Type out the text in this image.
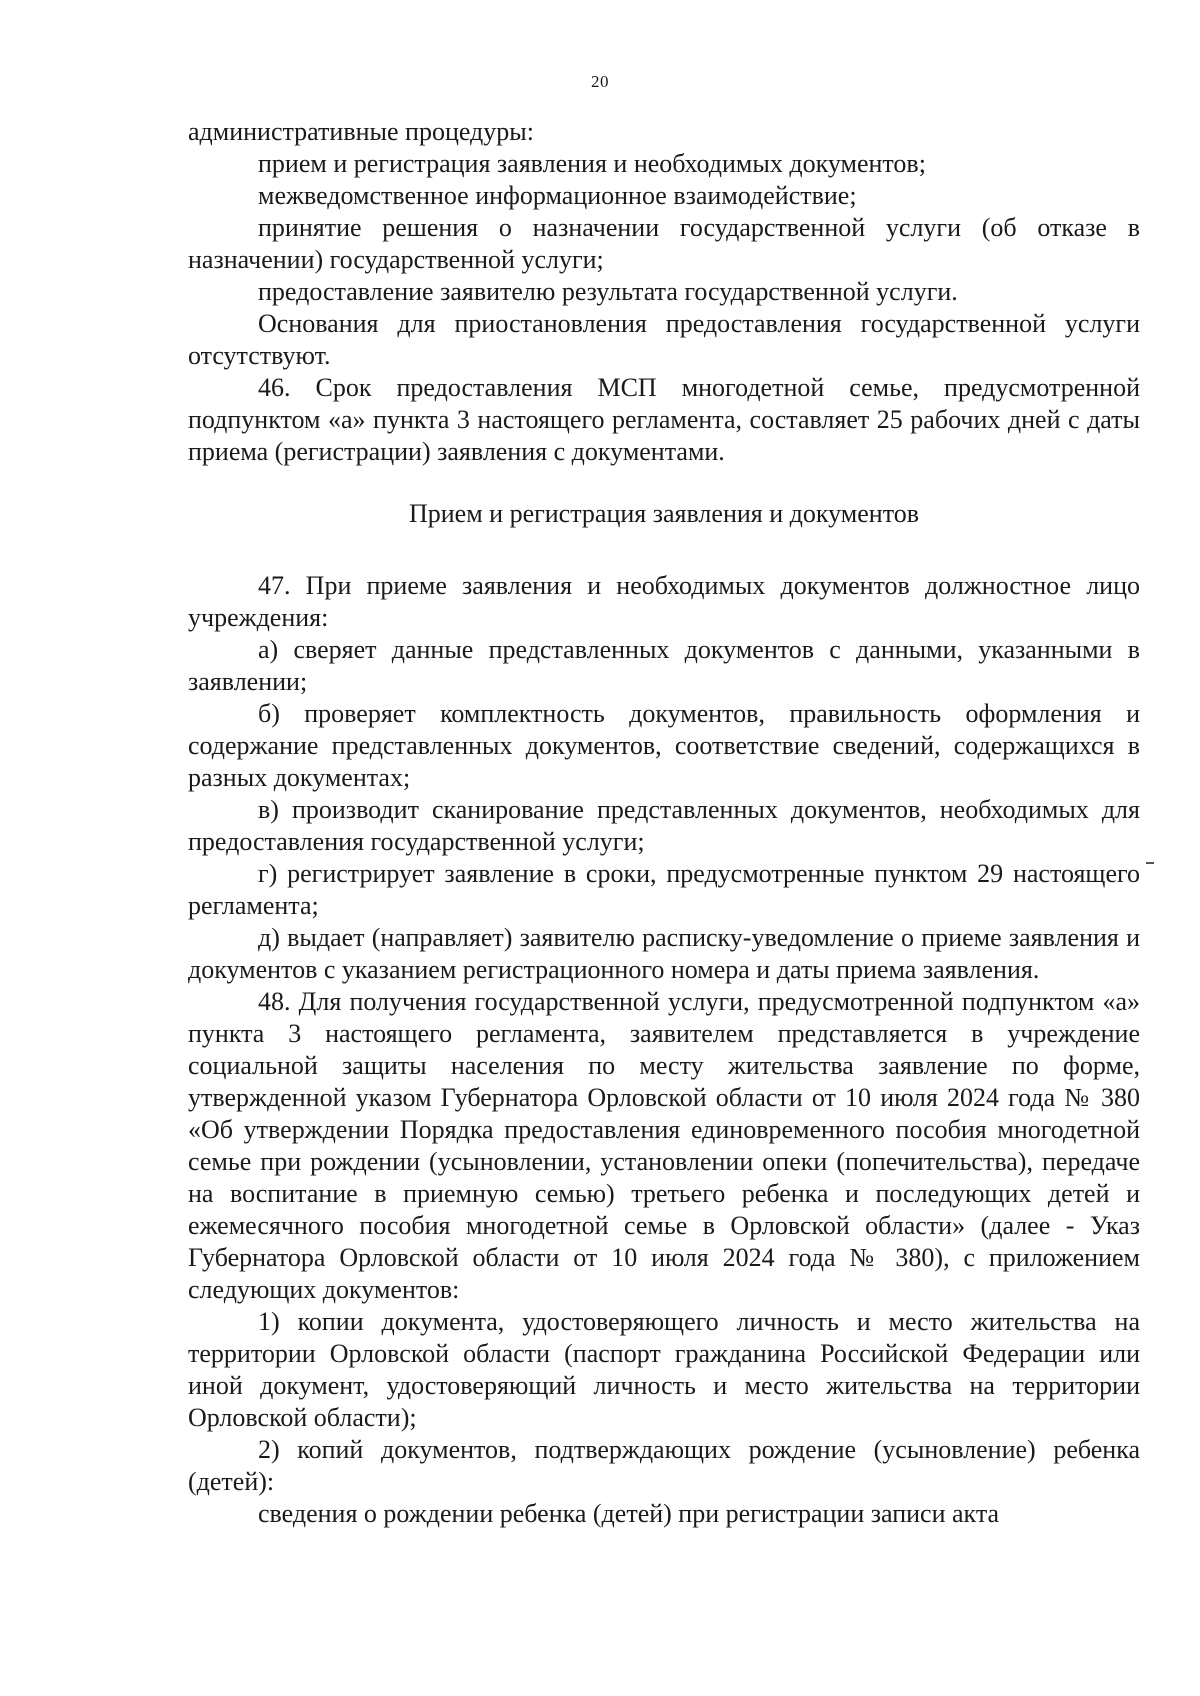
20

административные процедуры:

прием и регистрация заявления и необходимых документов;

межведомственное информационное взаимодействие;

принятие решения о назначении государственной услуги (об отказе в назначении) государственной услуги;

предоставление заявителю результата государственной услуги.

Основания для приостановления предоставления государственной услуги отсутствуют.

46. Срок предоставления МСП многодетной семье, предусмотренной подпунктом «а» пункта 3 настоящего регламента, составляет 25 рабочих дней с даты приема (регистрации) заявления с документами.

Прием и регистрация заявления и документов

47. При приеме заявления и необходимых документов должностное лицо учреждения:

а) сверяет данные представленных документов с данными, указанными в заявлении;

б) проверяет комплектность документов, правильность оформления и содержание представленных документов, соответствие сведений, содержащихся в разных документах;

в) производит сканирование представленных документов, необходимых для предоставления государственной услуги;

г) регистрирует заявление в сроки, предусмотренные пунктом 29 настоящего регламента;

д) выдает (направляет) заявителю расписку-уведомление о приеме заявления и документов с указанием регистрационного номера и даты приема заявления.

48. Для получения государственной услуги, предусмотренной подпунктом «а» пункта 3 настоящего регламента, заявителем представляется в учреждение социальной защиты населения по месту жительства заявление по форме, утвержденной указом Губернатора Орловской области от 10 июля 2024 года № 380 «Об утверждении Порядка предоставления единовременного пособия многодетной семье при рождении (усыновлении, установлении опеки (попечительства), передаче на воспитание в приемную семью) третьего ребенка и последующих детей и ежемесячного пособия многодетной семье в Орловской области» (далее - Указ Губернатора Орловской области от 10 июля 2024 года № 380), с приложением следующих документов:

1) копии документа, удостоверяющего личность и место жительства на территории Орловской области (паспорт гражданина Российской Федерации или иной документ, удостоверяющий личность и место жительства на территории Орловской области);

2) копий документов, подтверждающих рождение (усыновление) ребенка (детей):

сведения о рождении ребенка (детей) при регистрации записи акта
